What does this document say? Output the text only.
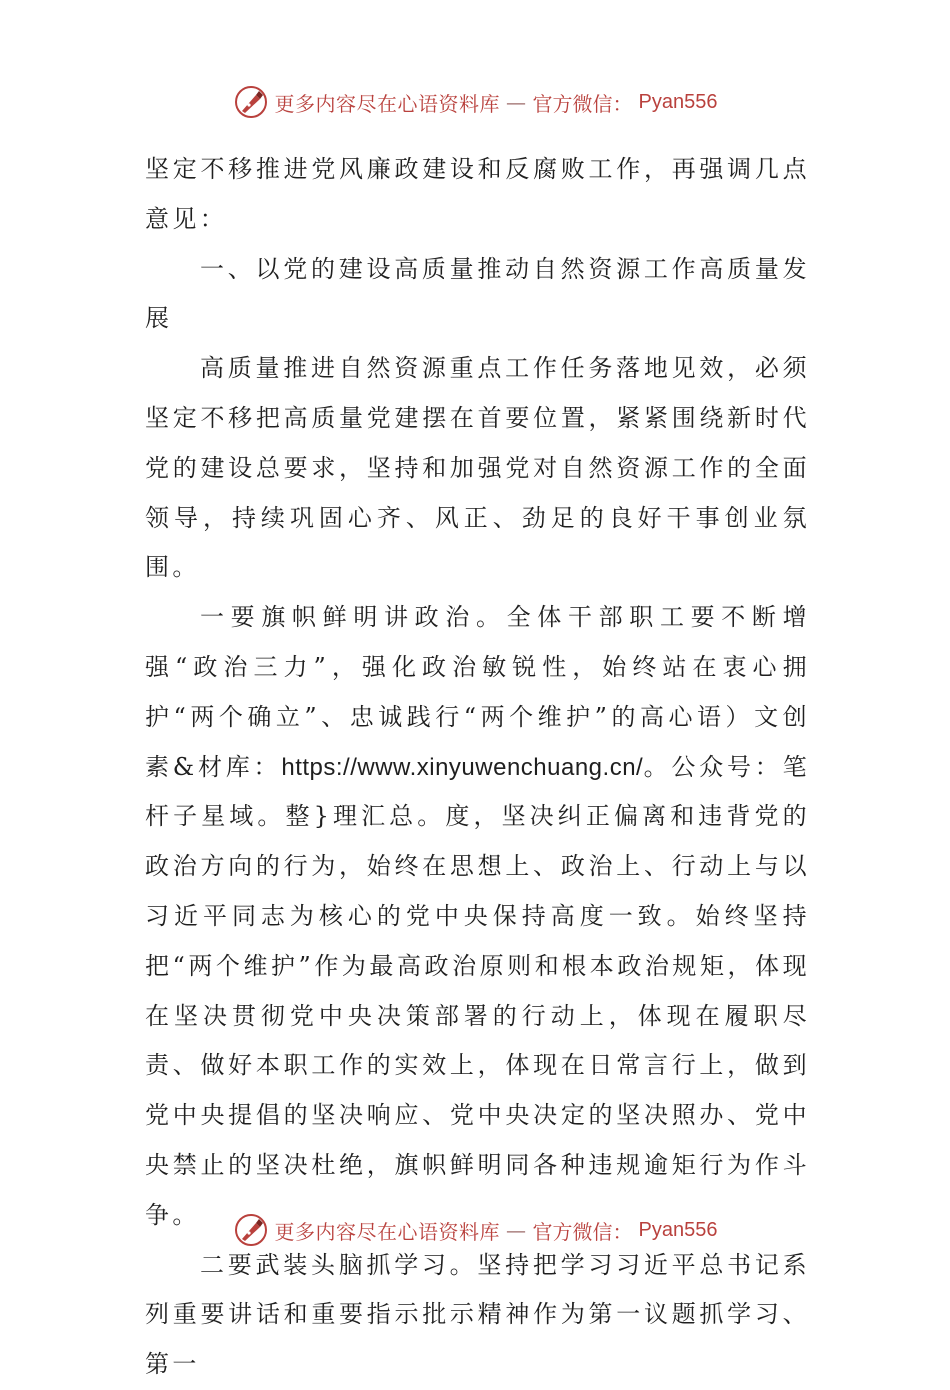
更多内容尽在心语资料库 — 官方微信： Pyan556

坚定不移推进党风廉政建设和反腐败工作，再强调几点意见：

一、以党的建设高质量推动自然资源工作高质量发展

高质量推进自然资源重点工作任务落地见效，必须坚定不移把高质量党建摆在首要位置，紧紧围绕新时代党的建设总要求，坚持和加强党对自然资源工作的全面领导，持续巩固心齐、风正、劲足的良好干事创业氛围。

一要旗帜鲜明讲政治。全体干部职工要不断增强“政治三力”，强化政治敏锐性，始终站在衷心拥护“两个确立”、忠诚践行“两个维护”的高心语）文创素&材库：https://www.xinyuwenchuang.cn/。公众号：笔杆子星域。整}理汇总。度，坚决纠正偏离和违背党的政治方向的行为，始终在思想上、政治上、行动上与以习近平同志为核心的党中央保持高度一致。始终坚持把“两个维护”作为最高政治原则和根本政治规矩，体现在坚决贯彻党中央决策部署的行动上，体现在履职尽责、做好本职工作的实效上，体现在日常言行上，做到党中央提倡的坚决响应、党中央决定的坚决照办、党中央禁止的坚决杜绝，旗帜鲜明同各种违规逾矩行为作斗争。

二要武装头脑抓学习。坚持把学习习近平总书记系列重要讲话和重要指示批示精神作为第一议题抓学习、第一

更多内容尽在心语资料库 — 官方微信： Pyan556
